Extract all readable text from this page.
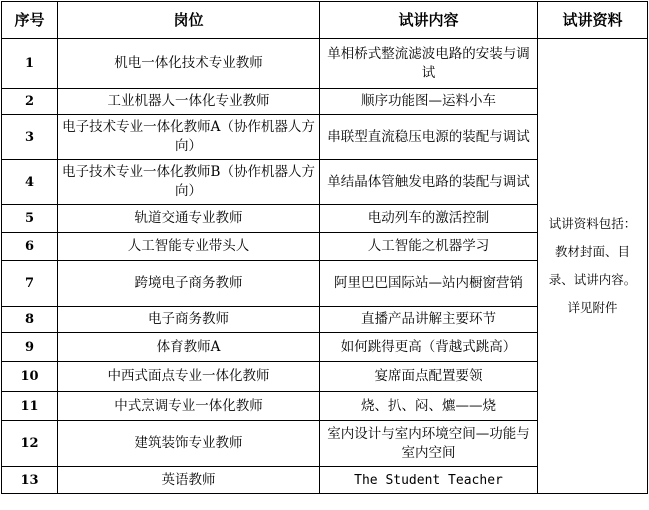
序号	岗位	试讲内容	试讲资料
1	机电一体化技术专业教师	单相桥式整流滤波电路的安装与调试	试讲资料包括：
教材封面、目
录、试讲内容。
详见附件

2	工业机器人一体化专业教师	顺序功能图—运料小车	
3	电子技术专业一体化教师A（协作机器人方向）	串联型直流稳压电源的装配与调试	
4	电子技术专业一体化教师B（协作机器人方向）	单结晶体管触发电路的装配与调试	
5	轨道交通专业教师	电动列车的激活控制	
6	人工智能专业带头人	人工智能之机器学习	
7	跨境电子商务教师	阿里巴巴国际站—站内橱窗营销	
8	电子商务教师	直播产品讲解主要环节	
9	体育教师A	如何跳得更高（背越式跳高）	
10	中西式面点专业一体化教师	宴席面点配置要领	
11	中式烹调专业一体化教师	烧、扒、闷、爊——烧	
12	建筑装饰专业教师	室内设计与室内环境空间—功能与室内空间	
13	英语教师	The Student Teacher	
